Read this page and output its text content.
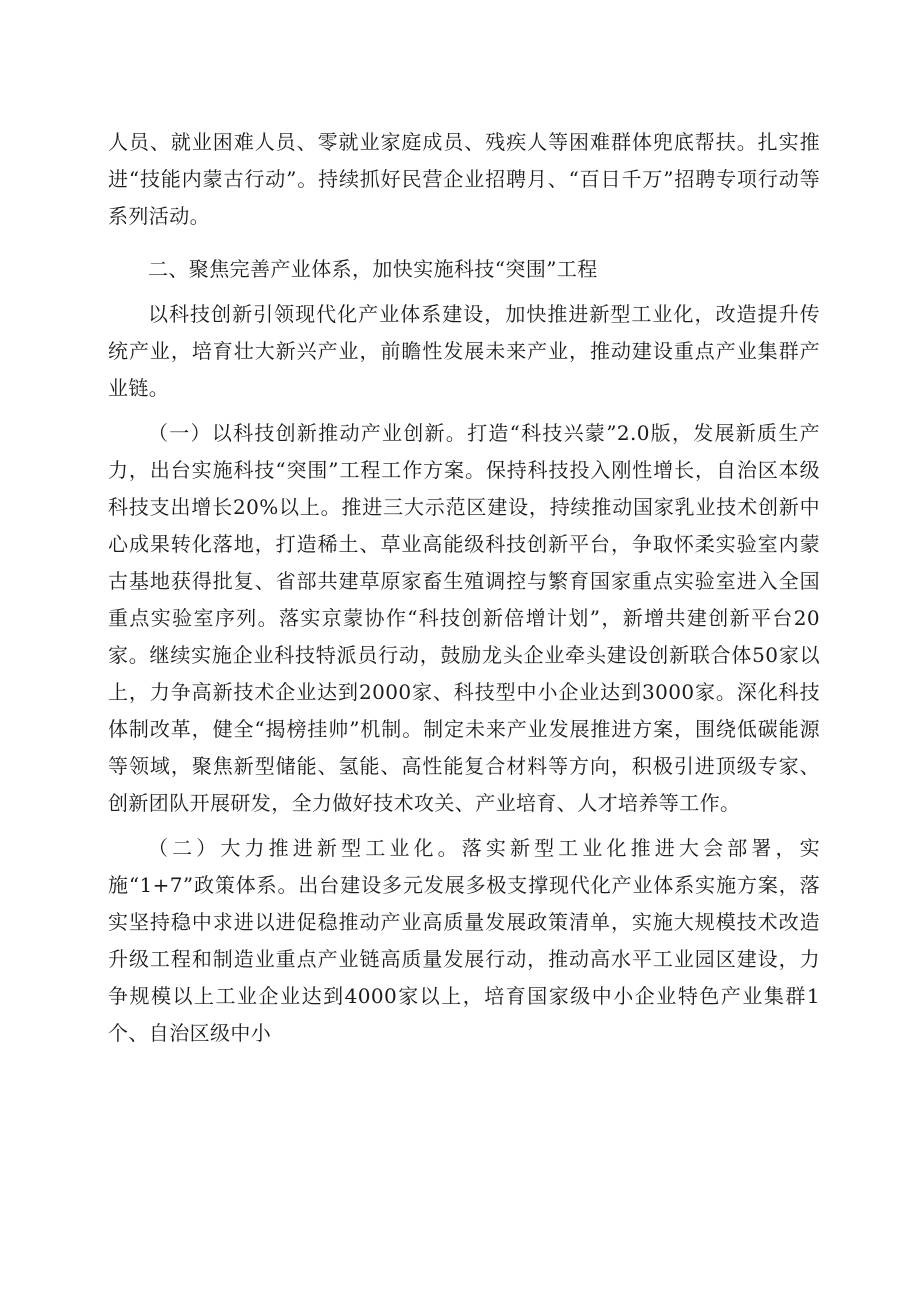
人员、就业困难人员、零就业家庭成员、残疾人等困难群体兜底帮扶。扎实推进“技能内蒙古行动”。持续抓好民营企业招聘月、“百日千万”招聘专项行动等系列活动。

二、聚焦完善产业体系，加快实施科技“突围”工程

以科技创新引领现代化产业体系建设，加快推进新型工业化，改造提升传统产业，培育壮大新兴产业，前瞻性发展未来产业，推动建设重点产业集群产业链。

（一）以科技创新推动产业创新。打造“科技兴蒙”2.0版，发展新质生产力，出台实施科技“突围”工程工作方案。保持科技投入刚性增长，自治区本级科技支出增长20%以上。推进三大示范区建设，持续推动国家乳业技术创新中心成果转化落地，打造稀土、草业高能级科技创新平台，争取怀柔实验室内蒙古基地获得批复、省部共建草原家畜生殖调控与繁育国家重点实验室进入全国重点实验室序列。落实京蒙协作“科技创新倍增计划”，新增共建创新平台20家。继续实施企业科技特派员行动，鼓励龙头企业牵头建设创新联合体50家以上，力争高新技术企业达到2000家、科技型中小企业达到3000家。深化科技体制改革，健全“揭榜挂帅”机制。制定未来产业发展推进方案，围绕低碳能源等领域，聚焦新型储能、氢能、高性能复合材料等方向，积极引进顶级专家、创新团队开展研发，全力做好技术攻关、产业培育、人才培养等工作。

（二）大力推进新型工业化。落实新型工业化推进大会部署，实施“1+7”政策体系。出台建设多元发展多极支撑现代化产业体系实施方案，落实坚持稳中求进以进促稳推动产业高质量发展政策清单，实施大规模技术改造升级工程和制造业重点产业链高质量发展行动，推动高水平工业园区建设，力争规模以上工业企业达到4000家以上，培育国家级中小企业特色产业集群1个、自治区级中小
